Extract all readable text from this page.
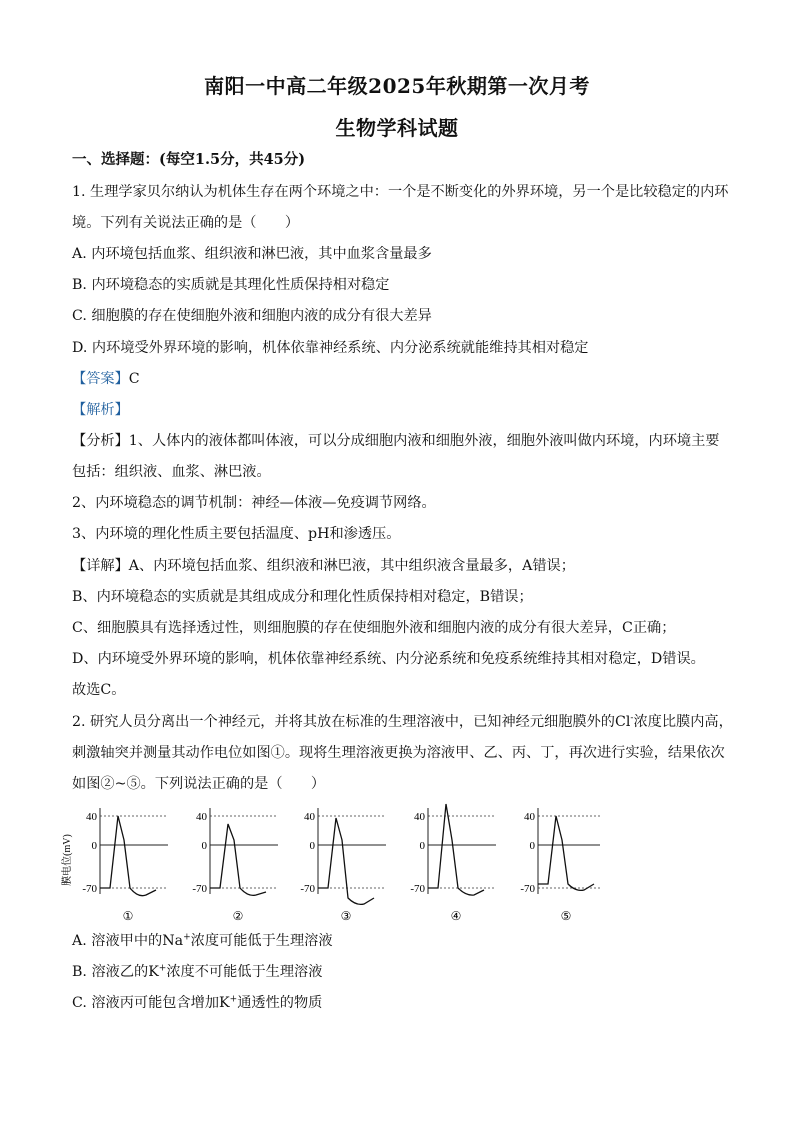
南阳一中高二年级2025年秋期第一次月考
生物学科试题
一、选择题：(每空1.5分，共45分)
1. 生理学家贝尔纳认为机体生存在两个环境之中：一个是不断变化的外界环境，另一个是比较稳定的内环
境。下列有关说法正确的是（　　）
A. 内环境包括血浆、组织液和淋巴液，其中血浆含量最多
B. 内环境稳态的实质就是其理化性质保持相对稳定
C. 细胞膜的存在使细胞外液和细胞内液的成分有很大差异
D. 内环境受外界环境的影响，机体依靠神经系统、内分泌系统就能维持其相对稳定
【答案】C
【解析】
【分析】1、人体内的液体都叫体液，可以分成细胞内液和细胞外液，细胞外液叫做内环境，内环境主要
包括：组织液、血浆、淋巴液。
2、内环境稳态的调节机制：神经—体液—免疫调节网络。
3、内环境的理化性质主要包括温度、pH和渗透压。
【详解】A、内环境包括血浆、组织液和淋巴液，其中组织液含量最多，A错误；
B、内环境稳态的实质就是其组成成分和理化性质保持相对稳定，B错误；
C、细胞膜具有选择透过性，则细胞膜的存在使细胞外液和细胞内液的成分有很大差异，C正确；
D、内环境受外界环境的影响，机体依靠神经系统、内分泌系统和免疫系统维持其相对稳定，D错误。
故选C。
2. 研究人员分离出一个神经元，并将其放在标准的生理溶液中，已知神经元细胞膜外的Cl-浓度比膜内高，
刺激轴突并测量其动作电位如图①。现将生理溶液更换为溶液甲、乙、丙、丁，再次进行实验，结果依次
如图②~⑤。下列说法正确的是（　　）
膜电位(mV)
40
0
-70
①
40
0
-70
②
40
0
-70
③
40
0
-70
④
40
0
-70
⑤
A. 溶液甲中的Na+浓度可能低于生理溶液
B. 溶液乙的K+浓度不可能低于生理溶液
C. 溶液丙可能包含增加K+通透性的物质
